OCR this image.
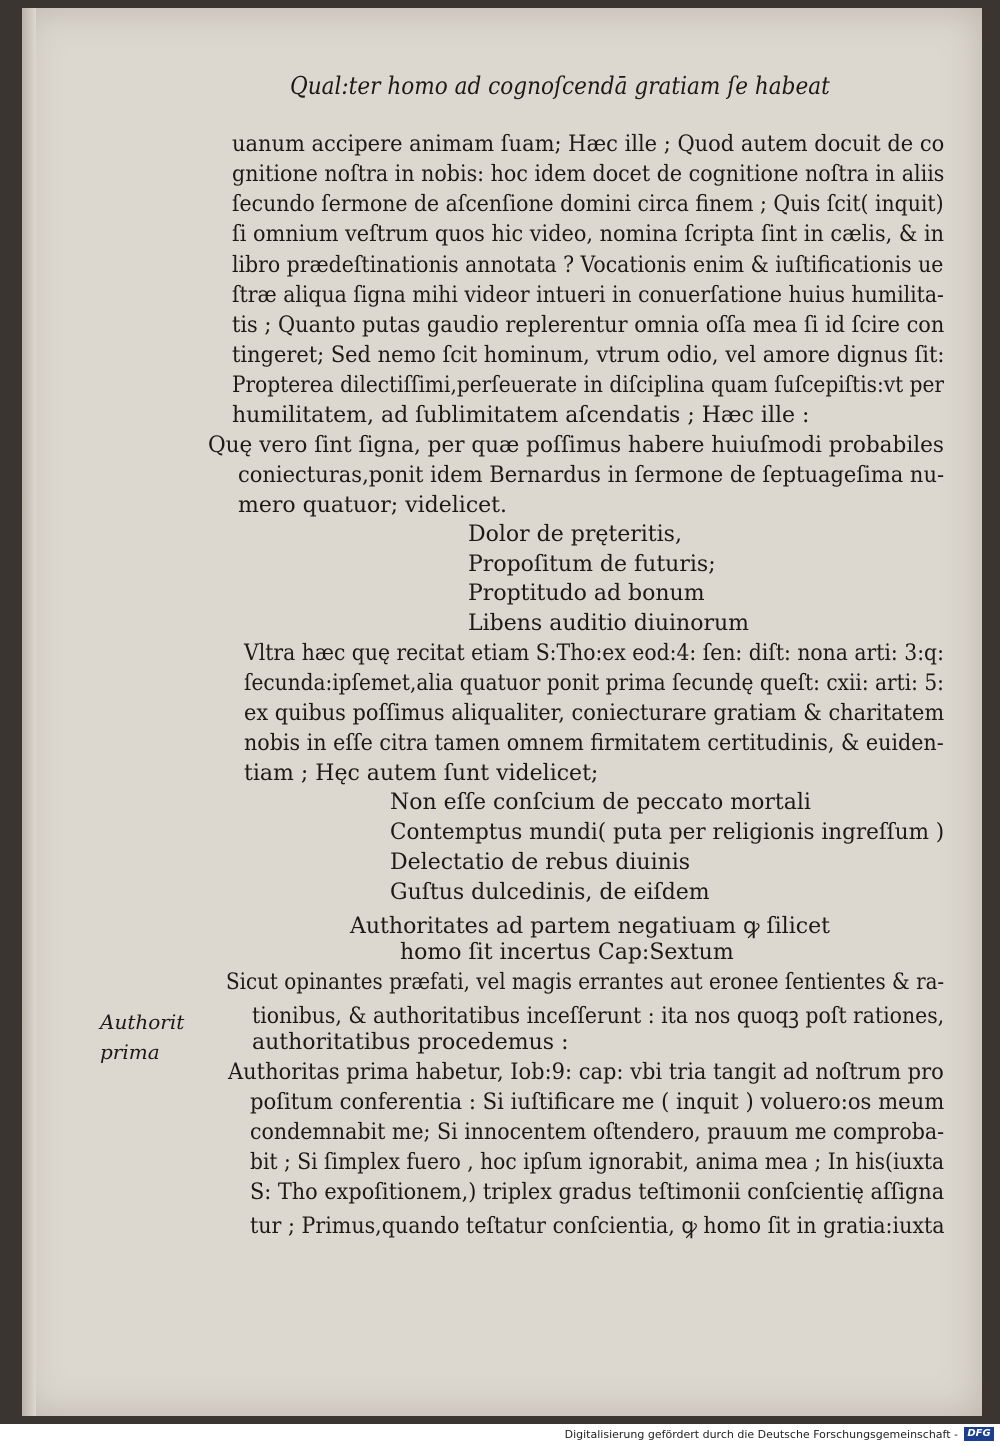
Qual:ter homo ad cognoſcendā gratiam ſe habeat
uanum accipere animam ſuam; Hæc ille ; Quod autem docuit de co
gnitione noſtra in nobis: hoc idem docet de cognitione noſtra in aliis
ſecundo ſermone de aſcenſione domini circa finem ; Quis ſcit( inquit)
ſi omnium veſtrum quos hic video, nomina ſcripta ſint in cælis, & in
libro prædeſtinationis annotata ? Vocationis enim & iuſtificationis ue
ſtræ aliqua ſigna mihi videor intueri in conuerſatione huius humilita‑
tis ; Quanto putas gaudio replerentur omnia oſſa mea ſi id ſcire con
tingeret; Sed nemo ſcit hominum, vtrum odio, vel amore dignus ſit:
Propterea dilectiſſimi,perſeuerate in diſciplina quam ſuſcepiſtis:vt per
humilitatem, ad ſublimitatem aſcendatis ; Hæc ille :
Quę vero ſint ſigna, per quæ poſſimus habere huiuſmodi probabiles
coniecturas,ponit idem Bernardus in ſermone de ſeptuageſima nu‑
mero quatuor; videlicet.
Dolor de pręteritis,
Propoſitum de futuris;
Proptitudo ad bonum
Libens auditio diuinorum
Vltra hæc quę recitat etiam S:Tho:ex eod:4: ſen: diſt: nona arti: 3:q:
ſecunda:ipſemet,alia quatuor ponit prima ſecundę queſt: cxii: arti: 5:
ex quibus poſſimus aliqualiter, coniecturare gratiam & charitatem
nobis in eſſe citra tamen omnem firmitatem certitudinis, & euiden‑
tiam ; Hęc autem ſunt videlicet;
Non eſſe conſcium de peccato mortali
Contemptus mundi( puta per religionis ingreſſum )
Delectatio de rebus diuinis
Guſtus dulcedinis, de eiſdem
Authoritates ad partem negatiuam ꝙ ſilicet
homo ſit incertus Cap:Sextum
Sicut opinantes præfati, vel magis errantes aut eronee ſentientes & ra‑
tionibus, & authoritatibus inceſſerunt : ita nos quoqꝫ poſt rationes,
authoritatibus procedemus :
Authoritas prima habetur, Iob:9: cap: vbi tria tangit ad noſtrum pro
poſitum conferentia : Si iuſtificare me ( inquit ) voluero:os meum
condemnabit me; Si innocentem oſtendero, prauum me comproba‑
bit ; Si ſimplex fuero , hoc ipſum ignorabit, anima mea ; In his(iuxta
S: Tho expoſitionem,) triplex gradus teſtimonii conſcientię aſſigna
tur ; Primus,quando teſtatur conſcientia, ꝙ homo ſit in gratia:iuxta
Authorit
prima
Digitalisierung gefördert durch die Deutsche Forschungsgemeinschaft - DFG
